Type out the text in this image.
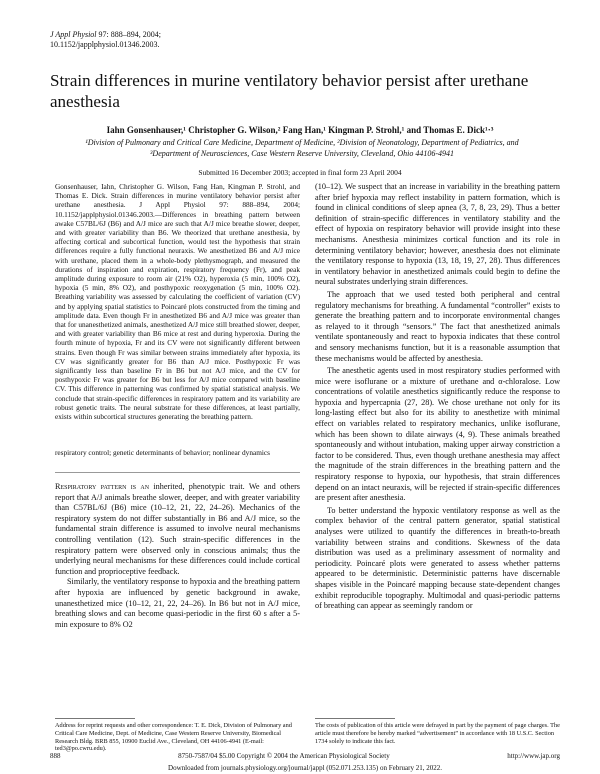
J Appl Physiol 97: 888–894, 2004;
10.1152/japplphysiol.01346.2003.
Strain differences in murine ventilatory behavior persist after urethane anesthesia
Iahn Gonsenhauser,¹ Christopher G. Wilson,² Fang Han,¹ Kingman P. Strohl,¹ and Thomas E. Dick¹·³
¹Division of Pulmonary and Critical Care Medicine, Department of Medicine, ²Division of Neonatology, Department of Pediatrics, and ³Department of Neurosciences, Case Western Reserve University, Cleveland, Ohio 44106-4941
Submitted 16 December 2003; accepted in final form 23 April 2004
Gonsenhauser, Iahn, Christopher G. Wilson, Fang Han, Kingman P. Strohl, and Thomas E. Dick. Strain differences in murine ventilatory behavior persist after urethane anesthesia. J Appl Physiol 97: 888–894, 2004; 10.1152/japplphysiol.01346.2003.—Differences in breathing pattern between awake C57BL/6J (B6) and A/J mice are such that A/J mice breathe slower, deeper, and with greater variability than B6. We theorized that urethane anesthesia, by affecting cortical and subcortical function, would test the hypothesis that strain differences require a fully functional neuraxis. We anesthetized B6 and A/J mice with urethane, placed them in a whole-body plethysmograph, and measured the durations of inspiration and expiration, respiratory frequency (Fr), and peak amplitude during exposure to room air (21% O2), hyperoxia (5 min, 100% O2), hypoxia (5 min, 8% O2), and posthypoxic reoxygenation (5 min, 100% O2). Breathing variability was assessed by calculating the coefficient of variation (CV) and by applying spatial statistics to Poincaré plots constructed from the timing and amplitude data. Even though Fr in anesthetized B6 and A/J mice was greater than that for unanesthetized animals, anesthetized A/J mice still breathed slower, deeper, and with greater variability than B6 mice at rest and during hyperoxia. During the fourth minute of hypoxia, Fr and its CV were not significantly different between strains. Even though Fr was similar between strains immediately after hypoxia, its CV was significantly greater for B6 than A/J mice. Posthypoxic Fr was significantly less than baseline Fr in B6 but not A/J mice, and the CV for posthypoxic Fr was greater for B6 but less for A/J mice compared with baseline CV. This difference in patterning was confirmed by spatial statistical analysis. We conclude that strain-specific differences in respiratory pattern and its variability are robust genetic traits. The neural substrate for these differences, at least partially, exists within subcortical structures generating the breathing pattern.
respiratory control; genetic determinants of behavior; nonlinear dynamics

Respiratory pattern is an inherited, phenotypic trait. We and others report that A/J animals breathe slower, deeper, and with greater variability than C57BL/6J (B6) mice (10–12, 21, 22, 24–26). Mechanics of the respiratory system do not differ substantially in B6 and A/J mice, so the fundamental strain difference is assumed to involve neural mechanisms controlling ventilation (12). Such strain-specific differences in the respiratory pattern were observed only in conscious animals; thus the underlying neural mechanisms for these differences could include cortical function and proprioceptive feedback.

Similarly, the ventilatory response to hypoxia and the breathing pattern after hypoxia are influenced by genetic background in awake, unanesthetized mice (10–12, 21, 22, 24–26). In B6 but not in A/J mice, breathing slows and can become quasi-periodic in the first 60 s after a 5-min exposure to 8% O2

(10–12). We suspect that an increase in variability in the breathing pattern after brief hypoxia may reflect instability in pattern formation, which is found in clinical conditions of sleep apnea (3, 7, 8, 23, 29). Thus a better definition of strain-specific differences in ventilatory stability and the effect of hypoxia on respiratory behavior will provide insight into these mechanisms. Anesthesia minimizes cortical function and its role in determining ventilatory behavior; however, anesthesia does not eliminate the ventilatory response to hypoxia (13, 18, 19, 27, 28). Thus differences in ventilatory behavior in anesthetized animals could begin to define the neural substrates underlying strain differences.

The approach that we used tested both peripheral and central regulatory mechanisms for breathing. A fundamental “controller” exists to generate the breathing pattern and to incorporate environmental changes as relayed to it through “sensors.” The fact that anesthetized animals ventilate spontaneously and react to hypoxia indicates that these control and sensory mechanisms function, but it is a reasonable assumption that these mechanisms would be affected by anesthesia.

The anesthetic agents used in most respiratory studies performed with mice were isoflurane or a mixture of urethane and α-chloralose. Low concentrations of volatile anesthetics significantly reduce the response to hypoxia and hypercapnia (27, 28). We chose urethane not only for its long-lasting effect but also for its ability to anesthetize with minimal effect on variables related to respiratory mechanics, unlike isoflurane, which has been shown to dilate airways (4, 9). These animals breathed spontaneously and without intubation, making upper airway constriction a factor to be considered. Thus, even though urethane anesthesia may affect the magnitude of the strain differences in the breathing pattern and the respiratory response to hypoxia, our hypothesis, that strain differences depend on an intact neuraxis, will be rejected if strain-specific differences are present after anesthesia.

To better understand the hypoxic ventilatory response as well as the complex behavior of the central pattern generator, spatial statistical analyses were utilized to quantify the differences in breath-to-breath variability between strains and conditions. Skewness of the data distribution was used as a preliminary assessment of normality and periodicity. Poincaré plots were generated to assess whether patterns appeared to be deterministic. Deterministic patterns have discernable shapes visible in the Poincaré mapping because state-dependent changes exhibit reproducible topography. Multimodal and quasi-periodic patterns of breathing can appear as seemingly random or

Address for reprint requests and other correspondence: T. E. Dick, Division of Pulmonary and Critical Care Medicine, Dept. of Medicine, Case Western Reserve University, Biomedical Research Bldg. BRB 855, 10900 Euclid Ave., Cleveland, OH 44106-4941 (E-mail: ted3@po.cwru.edu).
The costs of publication of this article were defrayed in part by the payment of page charges. The article must therefore be hereby marked “advertisement” in accordance with 18 U.S.C. Section 1734 solely to indicate this fact.
888	8750-7587/04 $5.00 Copyright © 2004 the American Physiological Society	http://www.jap.org
Downloaded from journals.physiology.org/journal/jappl (052.071.253.135) on February 21, 2022.
